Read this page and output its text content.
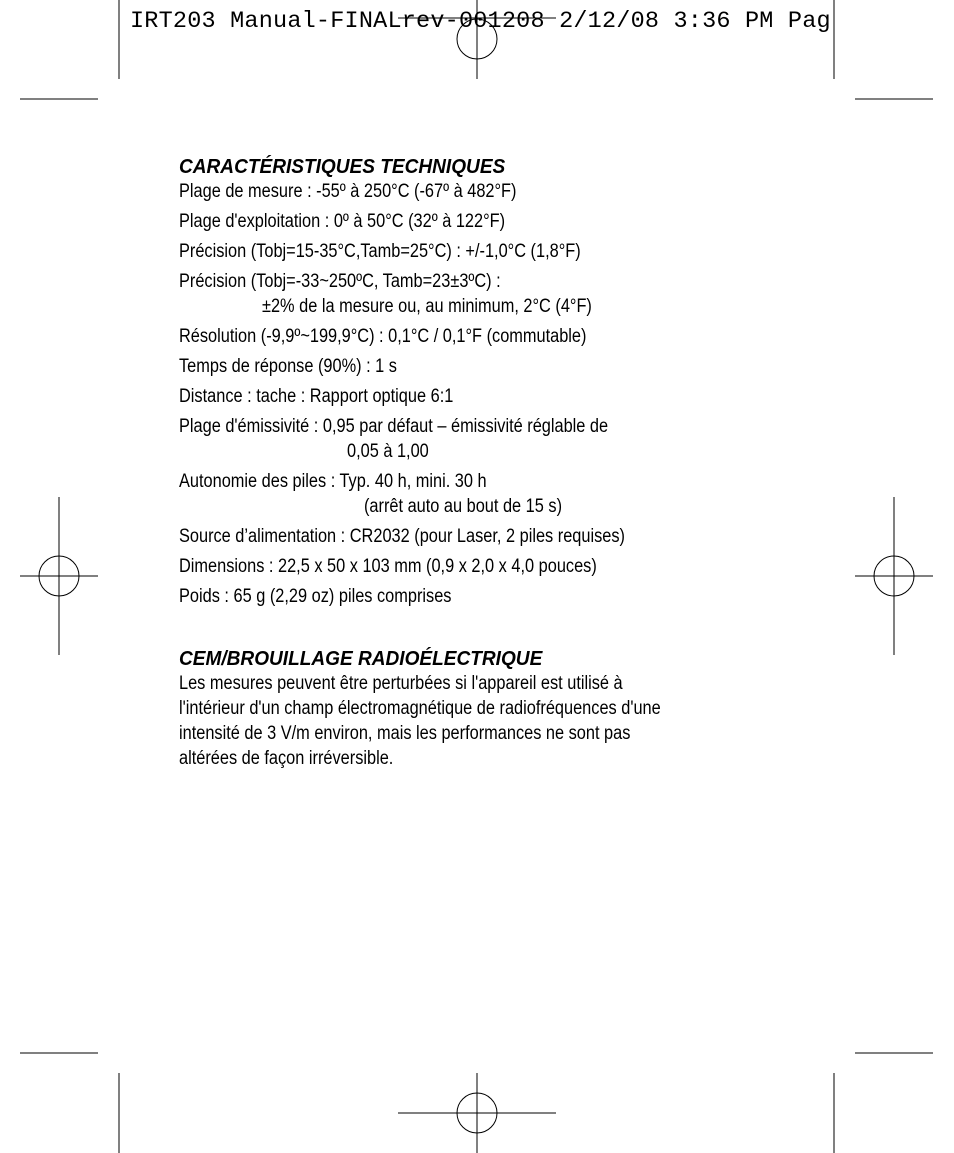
IRT203 Manual-FINALrev-001208 2/12/08 3:36 PM Pag
CARACTÉRISTIQUES TECHNIQUES
Plage de mesure : -55º à 250°C (-67º à 482°F)
Plage d'exploitation : 0º à 50°C (32º à 122°F)
Précision (Tobj=15-35°C,Tamb=25°C) : +/-1,0°C (1,8°F)
Précision (Tobj=-33~250ºC, Tamb=23±3ºC) :
±2% de la mesure ou, au minimum, 2°C (4°F)
Résolution (-9,9º~199,9°C) : 0,1°C / 0,1°F (commutable)
Temps de réponse (90%) : 1 s
Distance : tache : Rapport optique 6:1
Plage d'émissivité : 0,95 par défaut – émissivité réglable de
0,05 à 1,00
Autonomie des piles : Typ. 40 h, mini. 30 h
(arrêt auto au bout de 15 s)
Source d’alimentation : CR2032 (pour Laser, 2 piles requises)
Dimensions : 22,5 x 50 x 103 mm (0,9 x 2,0 x 4,0 pouces)
Poids : 65 g (2,29 oz) piles comprises
CEM/BROUILLAGE RADIOÉLECTRIQUE
Les mesures peuvent être perturbées si l'appareil est utilisé à
l'intérieur d'un champ électromagnétique de radiofréquences d'une
intensité de 3 V/m environ, mais les performances ne sont pas
altérées de façon irréversible.
